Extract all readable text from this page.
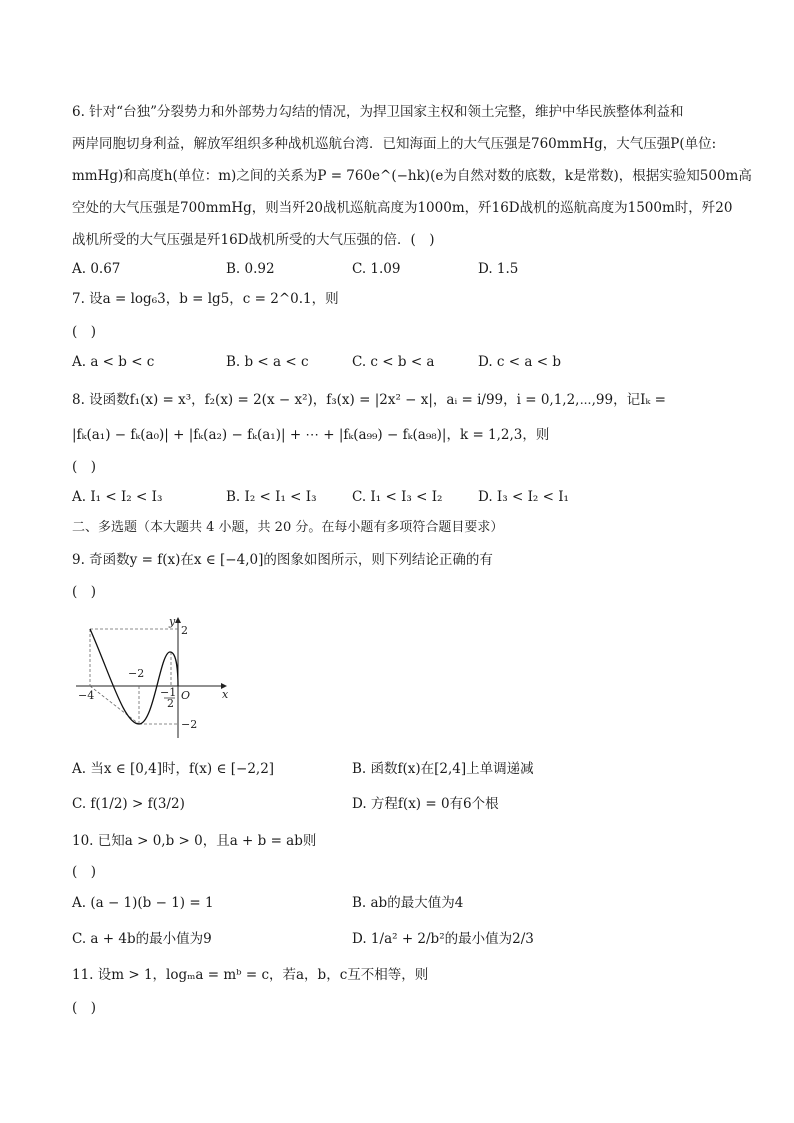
6. 针对“台独”分裂势力和外部势力勾结的情况，为捍卫国家主权和领土完整，维护中华民族整体利益和
两岸同胞切身利益，解放军组织多种战机巡航台湾．已知海面上的大气压强是760mmHg，大气压强P(单位:
mmHg)和高度h(单位：m)之间的关系为P = 760e^(−hk)(e为自然对数的底数，k是常数)，根据实验知500m高
空处的大气压强是700mmHg，则当歼20战机巡航高度为1000m，歼16D战机的巡航高度为1500m时，歼20
战机所受的大气压强是歼16D战机所受的大气压强的倍．(　)
A. 0.67	B. 0.92	C. 1.09	D. 1.5
7. 设a = log₆3，b = lg5，c = 2^0.1，则
(　)
A. a < b < c	B. b < a < c	C. c < b < a	D. c < a < b
8. 设函数f₁(x) = x³，f₂(x) = 2(x − x²)，f₃(x) = |2x² − x|，aᵢ = i/99，i = 0,1,2,⋯,99，记Iₖ =
|fₖ(a₁) − fₖ(a₀)| + |fₖ(a₂) − fₖ(a₁)| + ⋯ + |fₖ(a₉₉) − fₖ(a₉₈)|，k = 1,2,3，则
(　)
A. I₁ < I₂ < I₃	B. I₂ < I₁ < I₃	C. I₁ < I₃ < I₂	D. I₃ < I₂ < I₁
二、多选题（本大题共 4 小题，共 20 分。在每小题有多项符合题目要求）
9. 奇函数y = f(x)在x ∈ [−4,0]的图象如图所示，则下列结论正确的有
(　)
y
x
O
2
−2
−4
−2
−1
2
A. 当x ∈ [0,4]时，f(x) ∈ [−2,2]	B. 函数f(x)在[2,4]上单调递减
C. f(1/2) > f(3/2)	D. 方程f(x) = 0有6个根
10. 已知a > 0,b > 0，且a + b = ab则
(　)
A. (a − 1)(b − 1) = 1	B. ab的最大值为4
C. a + 4b的最小值为9	D. 1/a² + 2/b²的最小值为2/3
11. 设m > 1，logₘa = mᵇ = c，若a，b，c互不相等，则
(　)
